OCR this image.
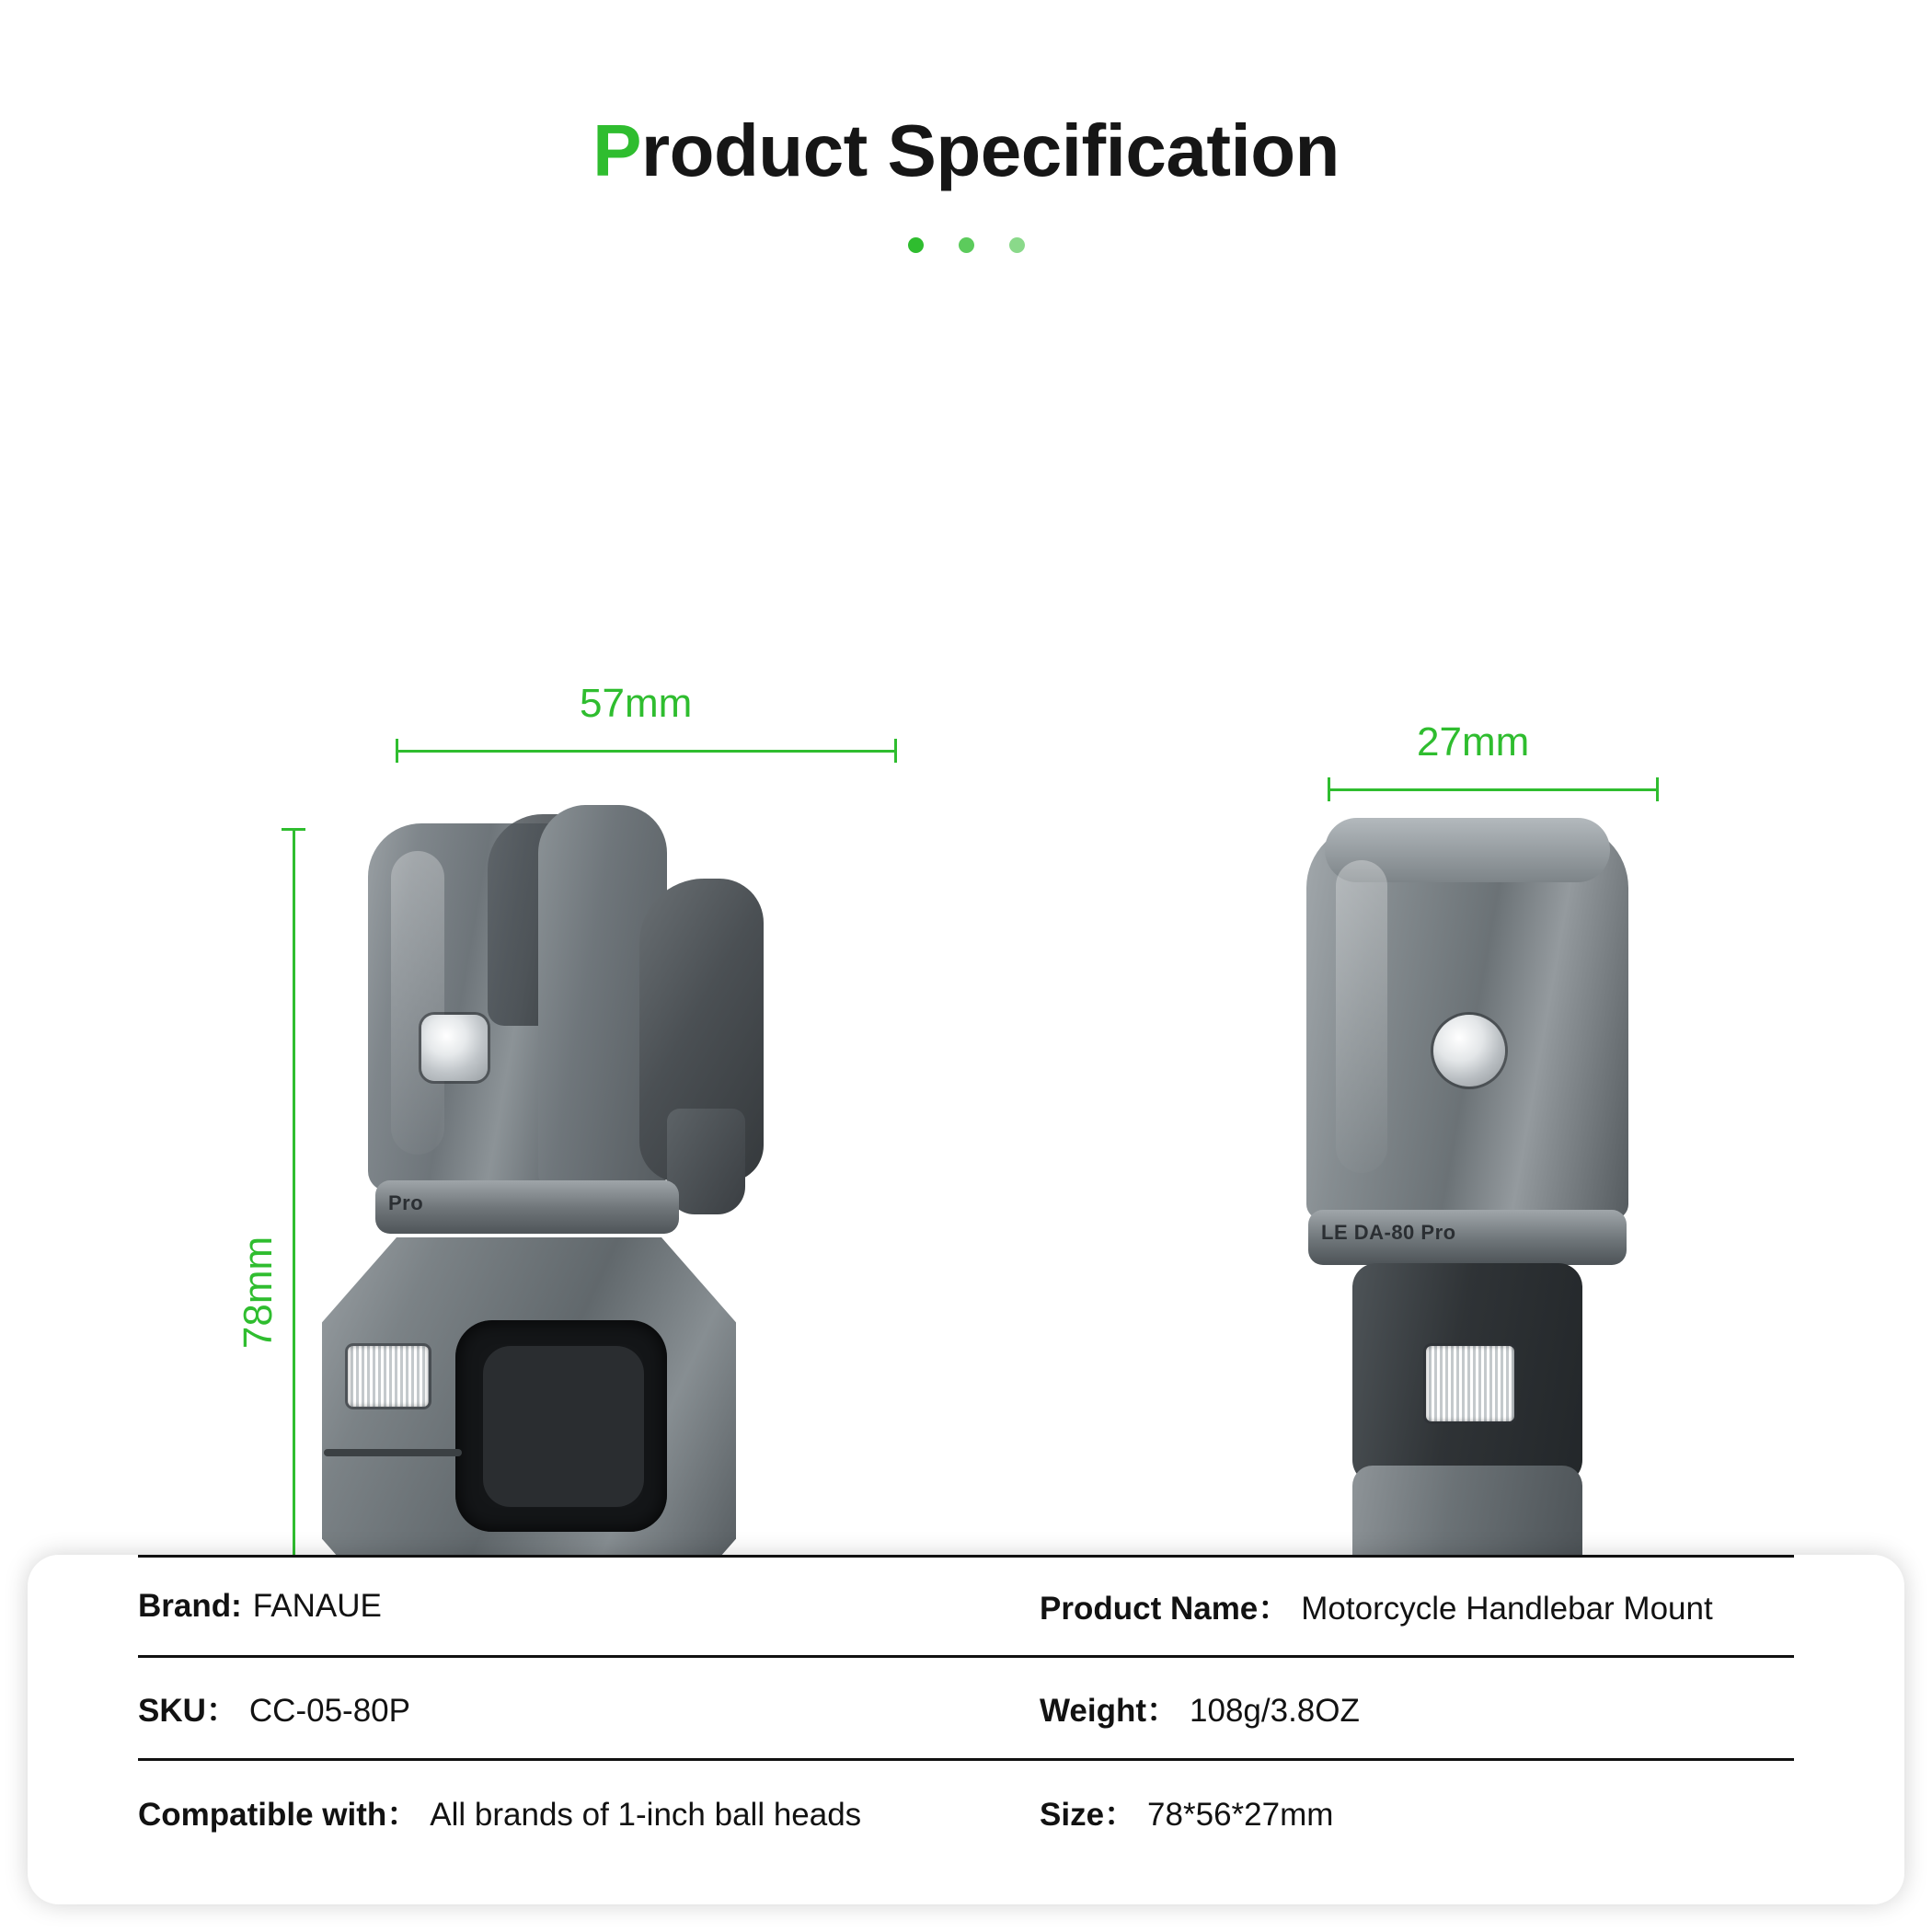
Product Specification
57mm
78mm
27mm
Pro
LE DA-80 Pro
Brand: FANAUE	Product Name： Motorcycle Handlebar Mount
SKU： CC-05-80P	Weight： 108g/3.8OZ
Compatible with： All brands of 1-inch ball heads	Size： 78*56*27mm
